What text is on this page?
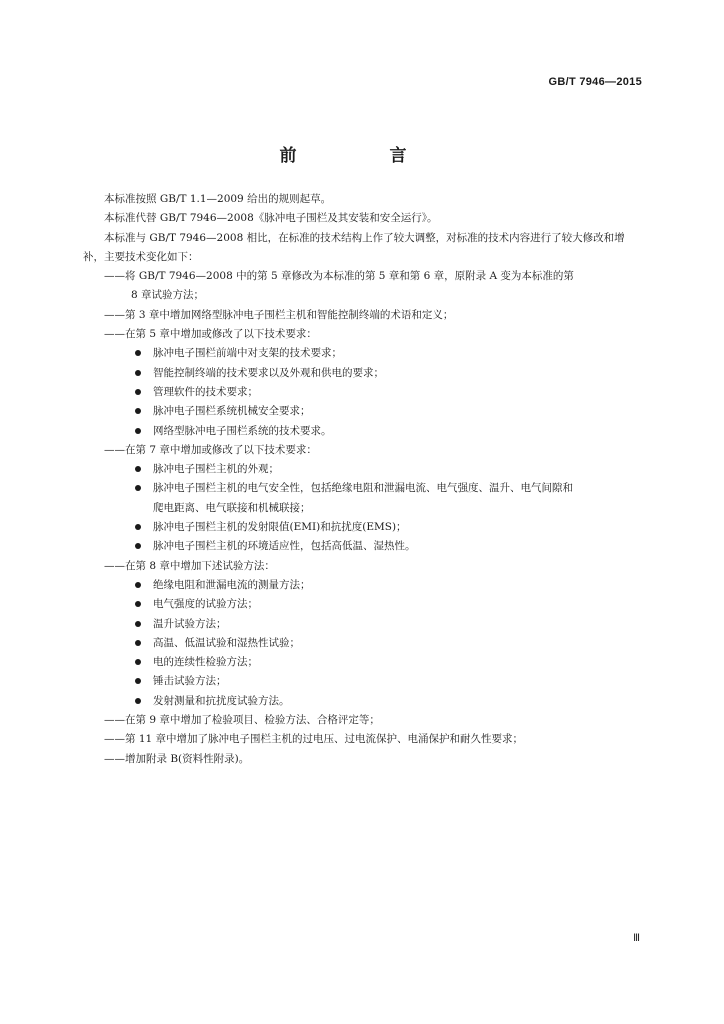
GB/T 7946—2015
前　言

本标准按照 GB/T 1.1—2009 给出的规则起草。

本标准代替 GB/T 7946—2008《脉冲电子围栏及其安装和安全运行》。

本标准与 GB/T 7946—2008 相比，在标准的技术结构上作了较大调整，对标准的技术内容进行了较大修改和增补，主要技术变化如下：

——将 GB/T 7946—2008 中的第 5 章修改为本标准的第 5 章和第 6 章，原附录 A 变为本标准的第
8 章试验方法；

——第 3 章中增加网络型脉冲电子围栏主机和智能控制终端的术语和定义；

——在第 5 章中增加或修改了以下技术要求：

脉冲电子围栏前端中对支架的技术要求；
智能控制终端的技术要求以及外观和供电的要求；
管理软件的技术要求；
脉冲电子围栏系统机械安全要求；
网络型脉冲电子围栏系统的技术要求。

——在第 7 章中增加或修改了以下技术要求：

脉冲电子围栏主机的外观；
脉冲电子围栏主机的电气安全性，包括绝缘电阻和泄漏电流、电气强度、温升、电气间隙和
爬电距离、电气联接和机械联接；
脉冲电子围栏主机的发射限值(EMI)和抗扰度(EMS)；
脉冲电子围栏主机的环境适应性，包括高低温、湿热性。

——在第 8 章中增加下述试验方法：

绝缘电阻和泄漏电流的测量方法；
电气强度的试验方法；
温升试验方法；
高温、低温试验和湿热性试验；
电的连续性检验方法；
锤击试验方法；
发射测量和抗扰度试验方法。

——在第 9 章中增加了检验项目、检验方法、合格评定等；

——第 11 章中增加了脉冲电子围栏主机的过电压、过电流保护、电涌保护和耐久性要求；

——增加附录 B(资料性附录)。

Ⅲ
